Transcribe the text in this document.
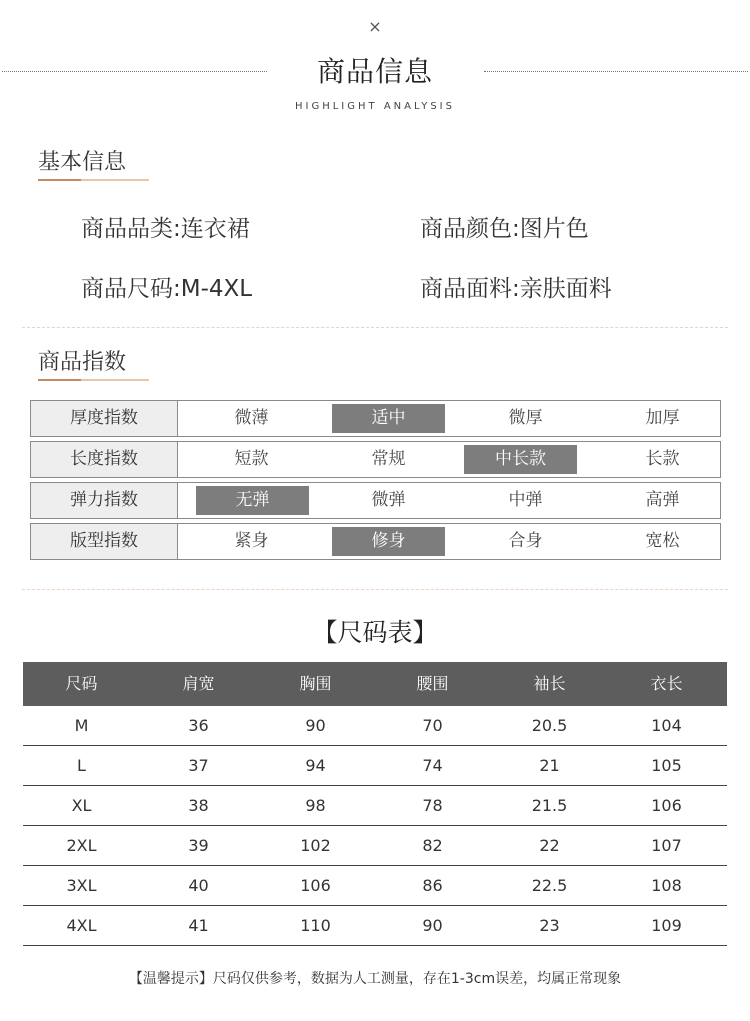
×
商品信息
HIGHLIGHT ANALYSIS
基本信息
商品品类:连衣裙	商品颜色:图片色
商品尺码:M-4XL	商品面料:亲肤面料
商品指数
厚度指数	微薄	适中	微厚	加厚
长度指数	短款	常规	中长款	长款
弹力指数	无弹	微弹	中弹	高弹
版型指数	紧身	修身	合身	宽松
【尺码表】
尺码	肩宽	胸围	腰围	袖长	衣长
M	36	90	70	20.5	104
L	37	94	74	21	105
XL	38	98	78	21.5	106
2XL	39	102	82	22	107
3XL	40	106	86	22.5	108
4XL	41	110	90	23	109
【温馨提示】尺码仅供参考，数据为人工测量，存在1-3cm误差，均属正常现象
